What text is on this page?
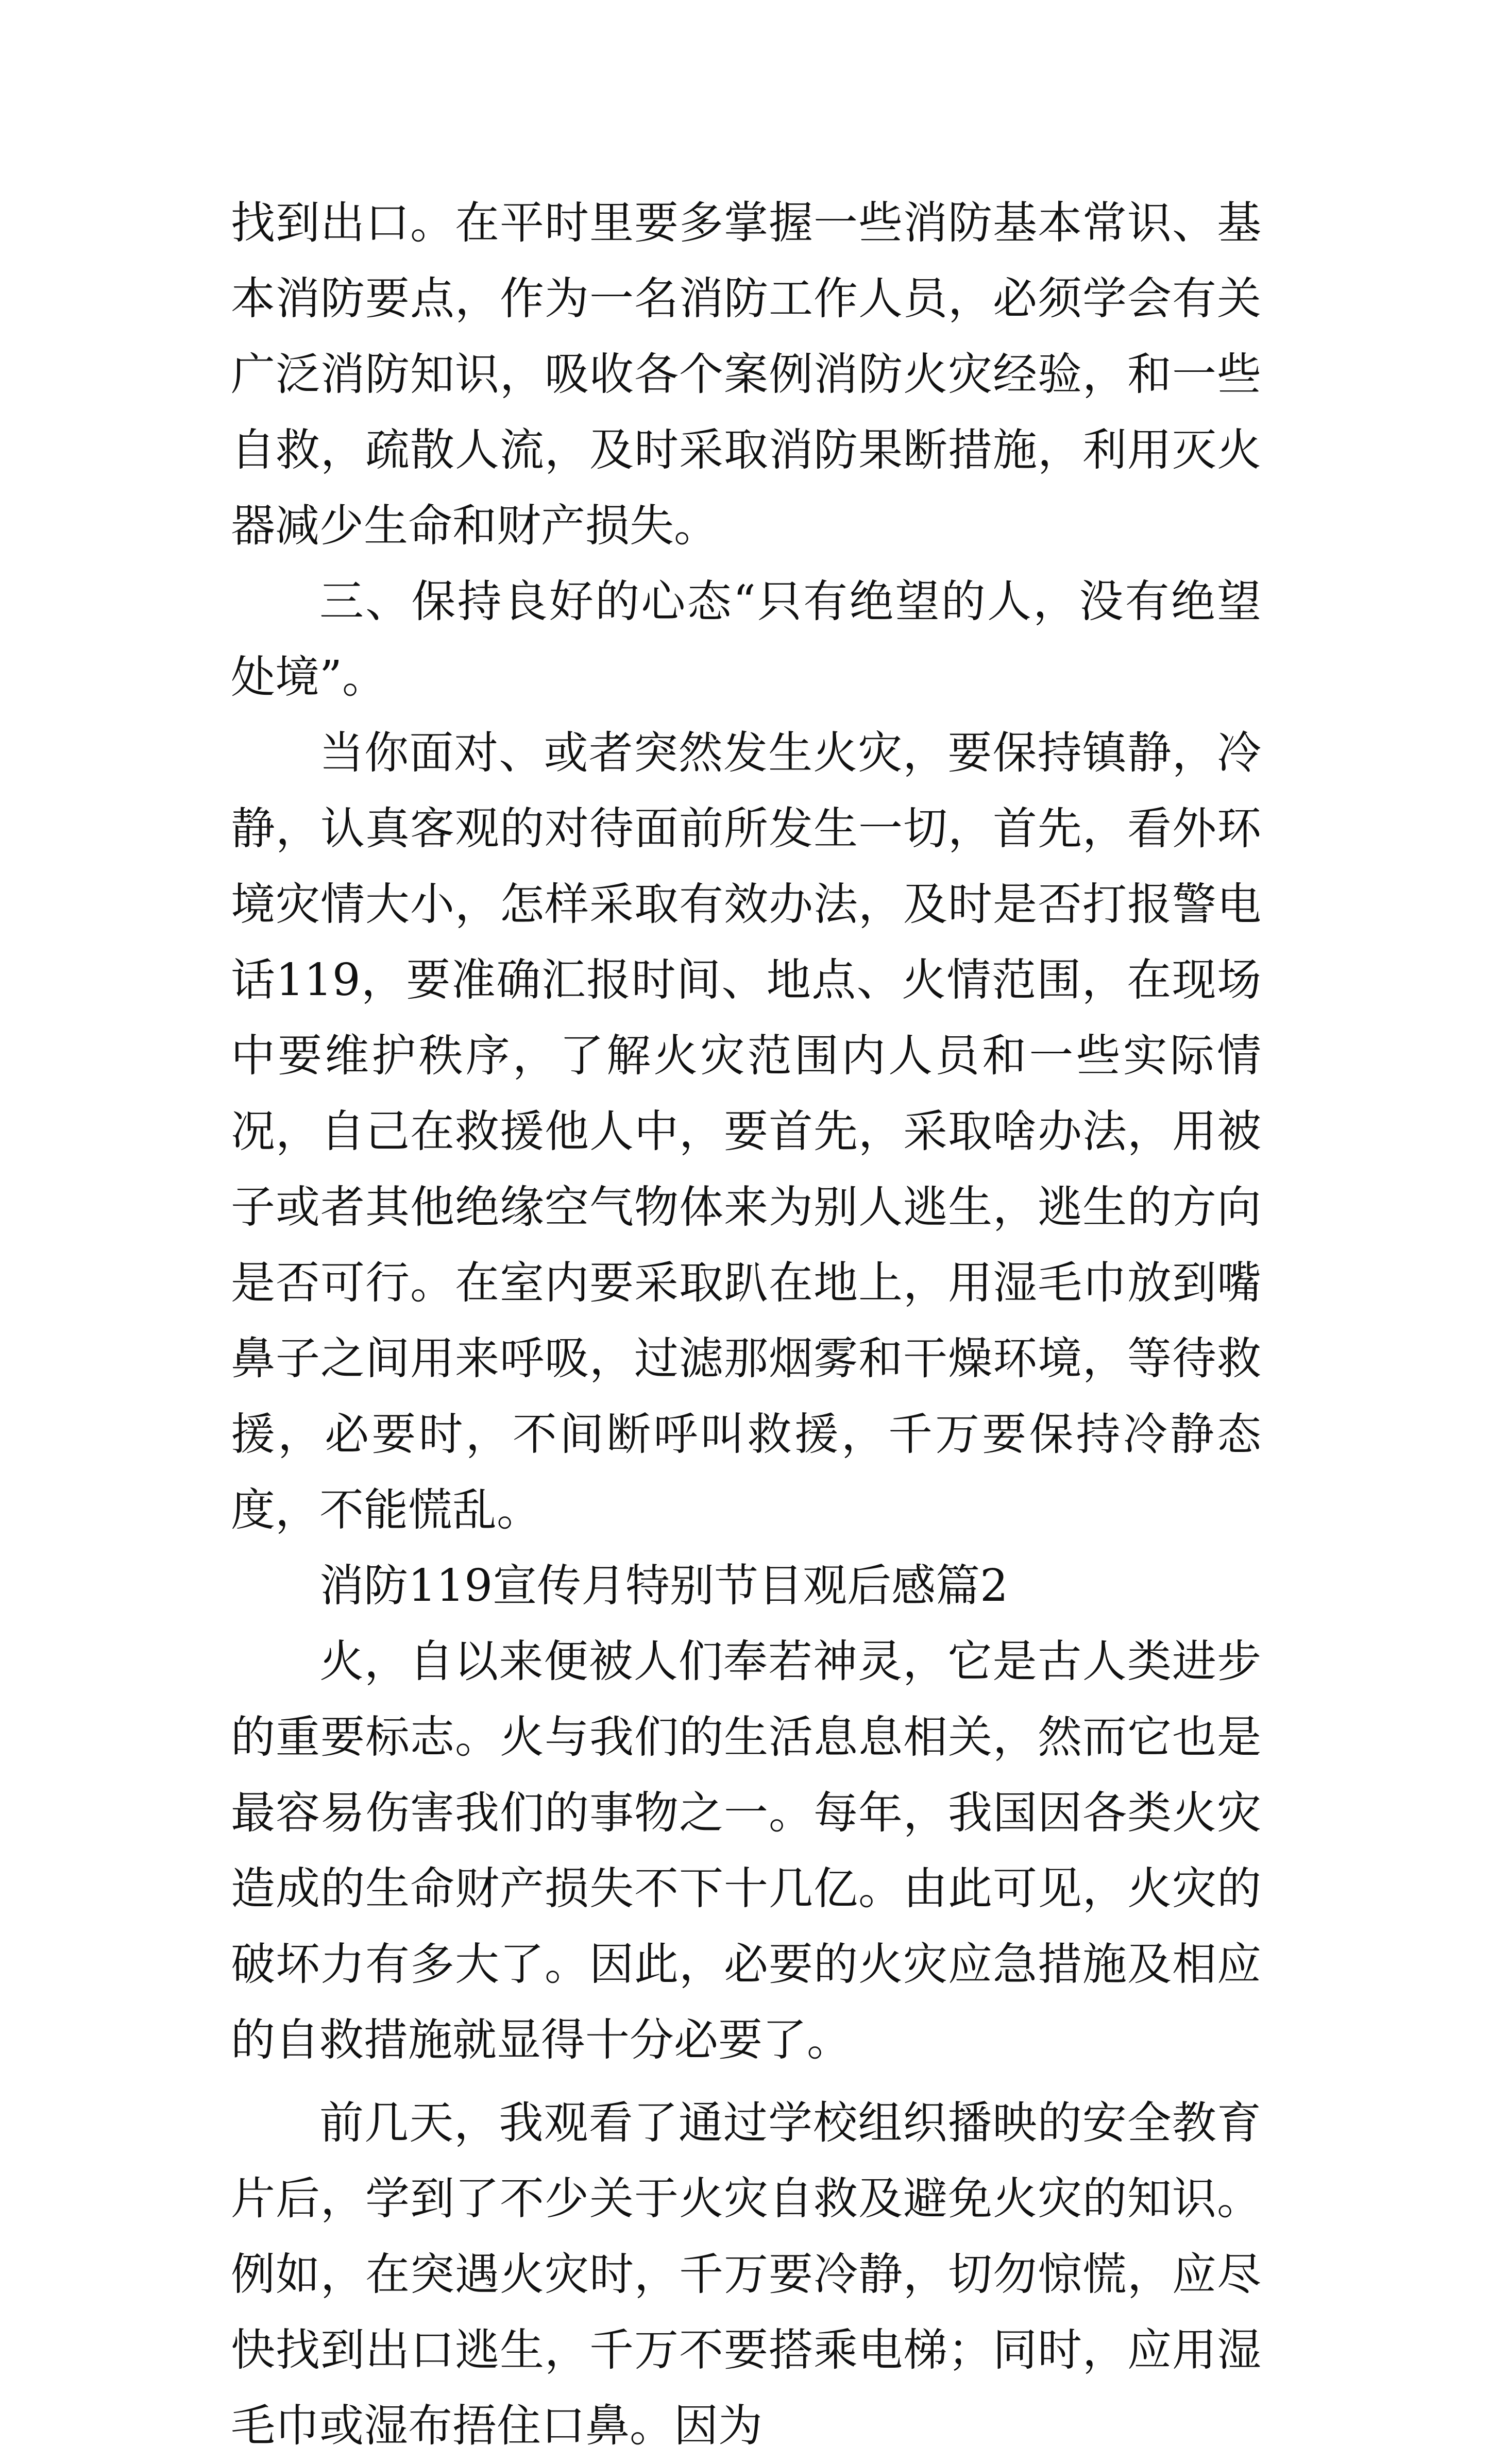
找到出口。在平时里要多掌握一些消防基本常识、基本消防要点，作为一名消防工作人员，必须学会有关广泛消防知识，吸收各个案例消防火灾经验，和一些自救，疏散人流，及时采取消防果断措施，利用灭火器减少生命和财产损失。

三、保持良好的心态“只有绝望的人，没有绝望处境”。

当你面对、或者突然发生火灾，要保持镇静，冷静，认真客观的对待面前所发生一切，首先，看外环境灾情大小，怎样采取有效办法，及时是否打报警电话119，要准确汇报时间、地点、火情范围，在现场中要维护秩序，了解火灾范围内人员和一些实际情况，自己在救援他人中，要首先，采取啥办法，用被子或者其他绝缘空气物体来为别人逃生，逃生的方向是否可行。在室内要采取趴在地上，用湿毛巾放到嘴鼻子之间用来呼吸，过滤那烟雾和干燥环境，等待救援，必要时，不间断呼叫救援，千万要保持冷静态度，不能慌乱。

消防119宣传月特别节目观后感篇2

火，自以来便被人们奉若神灵，它是古人类进步的重要标志。火与我们的生活息息相关，然而它也是最容易伤害我们的事物之一。每年，我国因各类火灾造成的生命财产损失不下十几亿。由此可见，火灾的破坏力有多大了。因此，必要的火灾应急措施及相应的自救措施就显得十分必要了。

前几天，我观看了通过学校组织播映的安全教育片后，学到了不少关于火灾自救及避免火灾的知识。例如，在突遇火灾时，千万要冷静，切勿惊慌，应尽快找到出口逃生，千万不要搭乘电梯；同时，应用湿毛巾或湿布捂住口鼻。因为
